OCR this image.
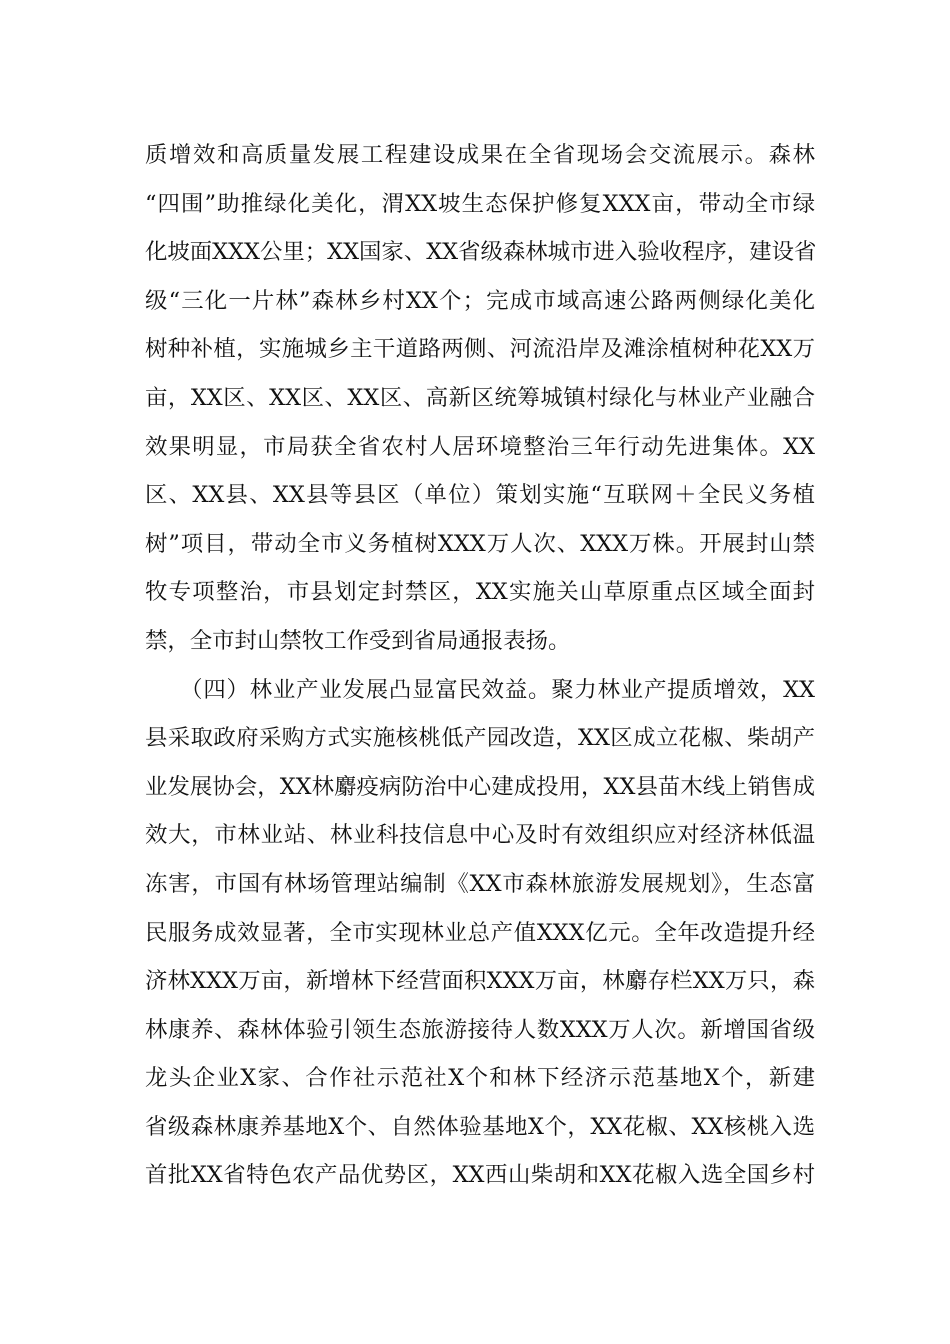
质增效和高质量发展工程建设成果在全省现场会交流展示。森林
“四围”助推绿化美化，渭XX坡生态保护修复XXX亩，带动全市绿
化坡面XXX公里；XX国家、XX省级森林城市进入验收程序，建设省
级“三化一片林”森林乡村XX个；完成市域高速公路两侧绿化美化
树种补植，实施城乡主干道路两侧、河流沿岸及滩涂植树种花XX万
亩，XX区、XX区、XX区、高新区统筹城镇村绿化与林业产业融合
效果明显，市局获全省农村人居环境整治三年行动先进集体。XX
区、XX县、XX县等县区（单位）策划实施“互联网＋全民义务植
树”项目，带动全市义务植树XXX万人次、XXX万株。开展封山禁
牧专项整治，市县划定封禁区，XX实施关山草原重点区域全面封
禁，全市封山禁牧工作受到省局通报表扬。
　　（四）林业产业发展凸显富民效益。聚力林业产提质增效，XX
县采取政府采购方式实施核桃低产园改造，XX区成立花椒、柴胡产
业发展协会，XX林麝疫病防治中心建成投用，XX县苗木线上销售成
效大，市林业站、林业科技信息中心及时有效组织应对经济林低温
冻害，市国有林场管理站编制《XX市森林旅游发展规划》，生态富
民服务成效显著，全市实现林业总产值XXX亿元。全年改造提升经
济林XXX万亩，新增林下经营面积XXX万亩，林麝存栏XX万只，森
林康养、森林体验引领生态旅游接待人数XXX万人次。新增国省级
龙头企业X家、合作社示范社X个和林下经济示范基地X个，新建
省级森林康养基地X个、自然体验基地X个，XX花椒、XX核桃入选
首批XX省特色农产品优势区，XX西山柴胡和XX花椒入选全国乡村
